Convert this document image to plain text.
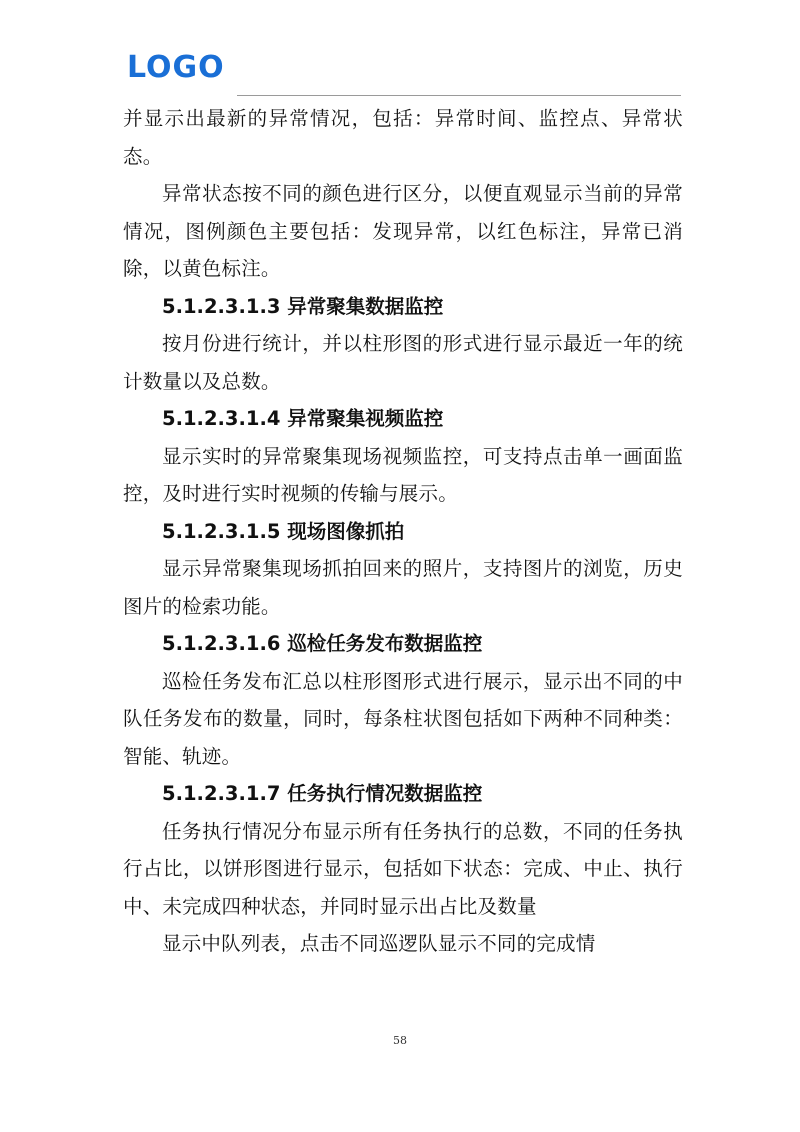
LOGO

并显示出最新的异常情况，包括：异常时间、监控点、异常状态。

异常状态按不同的颜色进行区分，以便直观显示当前的异常情况，图例颜色主要包括：发现异常，以红色标注，异常已消除，以黄色标注。

5.1.2.3.1.3 异常聚集数据监控

按月份进行统计，并以柱形图的形式进行显示最近一年的统计数量以及总数。

5.1.2.3.1.4 异常聚集视频监控

显示实时的异常聚集现场视频监控，可支持点击单一画面监控，及时进行实时视频的传输与展示。

5.1.2.3.1.5 现场图像抓拍

显示异常聚集现场抓拍回来的照片，支持图片的浏览，历史图片的检索功能。

5.1.2.3.1.6 巡检任务发布数据监控

巡检任务发布汇总以柱形图形式进行展示，显示出不同的中队任务发布的数量，同时，每条柱状图包括如下两种不同种类：智能、轨迹。

5.1.2.3.1.7 任务执行情况数据监控

任务执行情况分布显示所有任务执行的总数，不同的任务执行占比，以饼形图进行显示，包括如下状态：完成、中止、执行中、未完成四种状态，并同时显示出占比及数量

显示中队列表，点击不同巡逻队显示不同的完成情

58
